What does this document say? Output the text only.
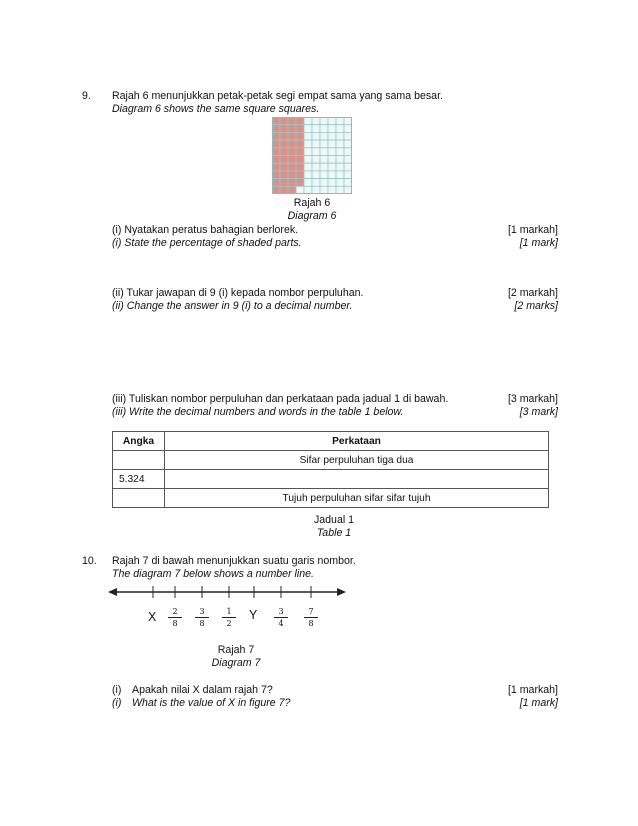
9. Rajah 6 menunjukkan petak-petak segi empat sama yang sama besar.
Diagram 6 shows the same square squares.
Rajah 6
Diagram 6
(i) Nyatakan peratus bahagian berlorek.
(i) State the percentage of shaded parts.
[1 markah]
[1 mark]
(ii) Tukar jawapan di 9 (i) kepada nombor perpuluhan.
(ii) Change the answer in 9 (i) to a decimal number.
[2 markah]
[2 marks]
(iii) Tuliskan nombor perpuluhan dan perkataan pada jadual 1 di bawah.
(iii) Write the decimal numbers and words in the table 1 below.
[3 markah]
[3 mark]
Angka	Perkataan
	Sifar perpuluhan tiga dua
5.324	
	Tujuh perpuluhan sifar sifar tujuh
Jadual 1
Table 1
10. Rajah 7 di bawah menunjukkan suatu garis nombor.
The diagram 7 below shows a number line.
X $\frac{2}{8} \frac{3}{8} \frac{1}{2}$ Y $\frac{3}{4} \frac{7}{8}$
Rajah 7
Diagram 7
(i)
(i)
Apakah nilai X dalam rajah 7?
What is the value of X in figure 7?
[1 markah]
[1 mark]
